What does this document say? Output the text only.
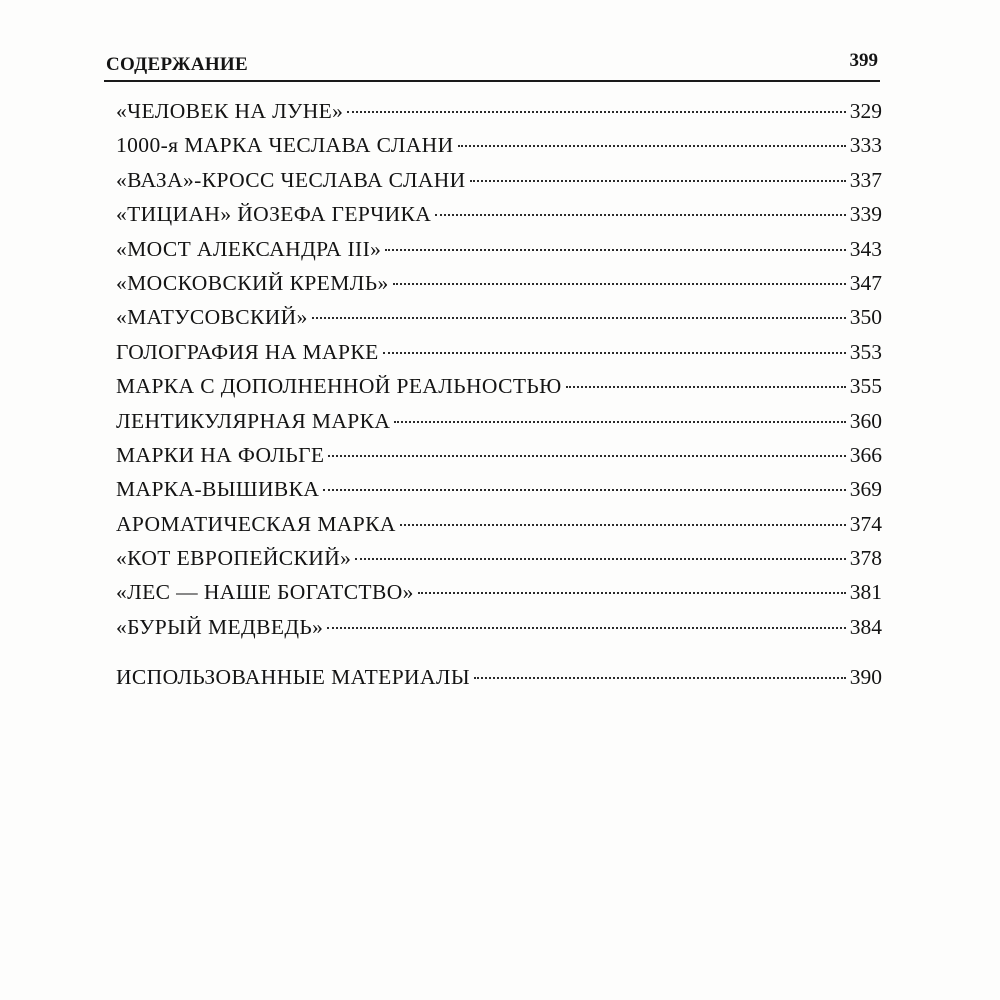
СОДЕРЖАНИЕ	399
«ЧЕЛОВЕК НА ЛУНЕ»	329
1000-я МАРКА ЧЕСЛАВА СЛАНИ	333
«ВАЗА»-КРОСС ЧЕСЛАВА СЛАНИ	337
«ТИЦИАН» ЙОЗЕФА ГЕРЧИКА	339
«МОСТ АЛЕКСАНДРА III»	343
«МОСКОВСКИЙ КРЕМЛЬ»	347
«МАТУСОВСКИЙ»	350
ГОЛОГРАФИЯ НА МАРКЕ	353
МАРКА С ДОПОЛНЕННОЙ РЕАЛЬНОСТЬЮ	355
ЛЕНТИКУЛЯРНАЯ МАРКА	360
МАРКИ НА ФОЛЬГЕ	366
МАРКА-ВЫШИВКА	369
АРОМАТИЧЕСКАЯ МАРКА	374
«КОТ ЕВРОПЕЙСКИЙ»	378
«ЛЕС — НАШЕ БОГАТСТВО»	381
«БУРЫЙ МЕДВЕДЬ»	384
ИСПОЛЬЗОВАННЫЕ МАТЕРИАЛЫ	390
